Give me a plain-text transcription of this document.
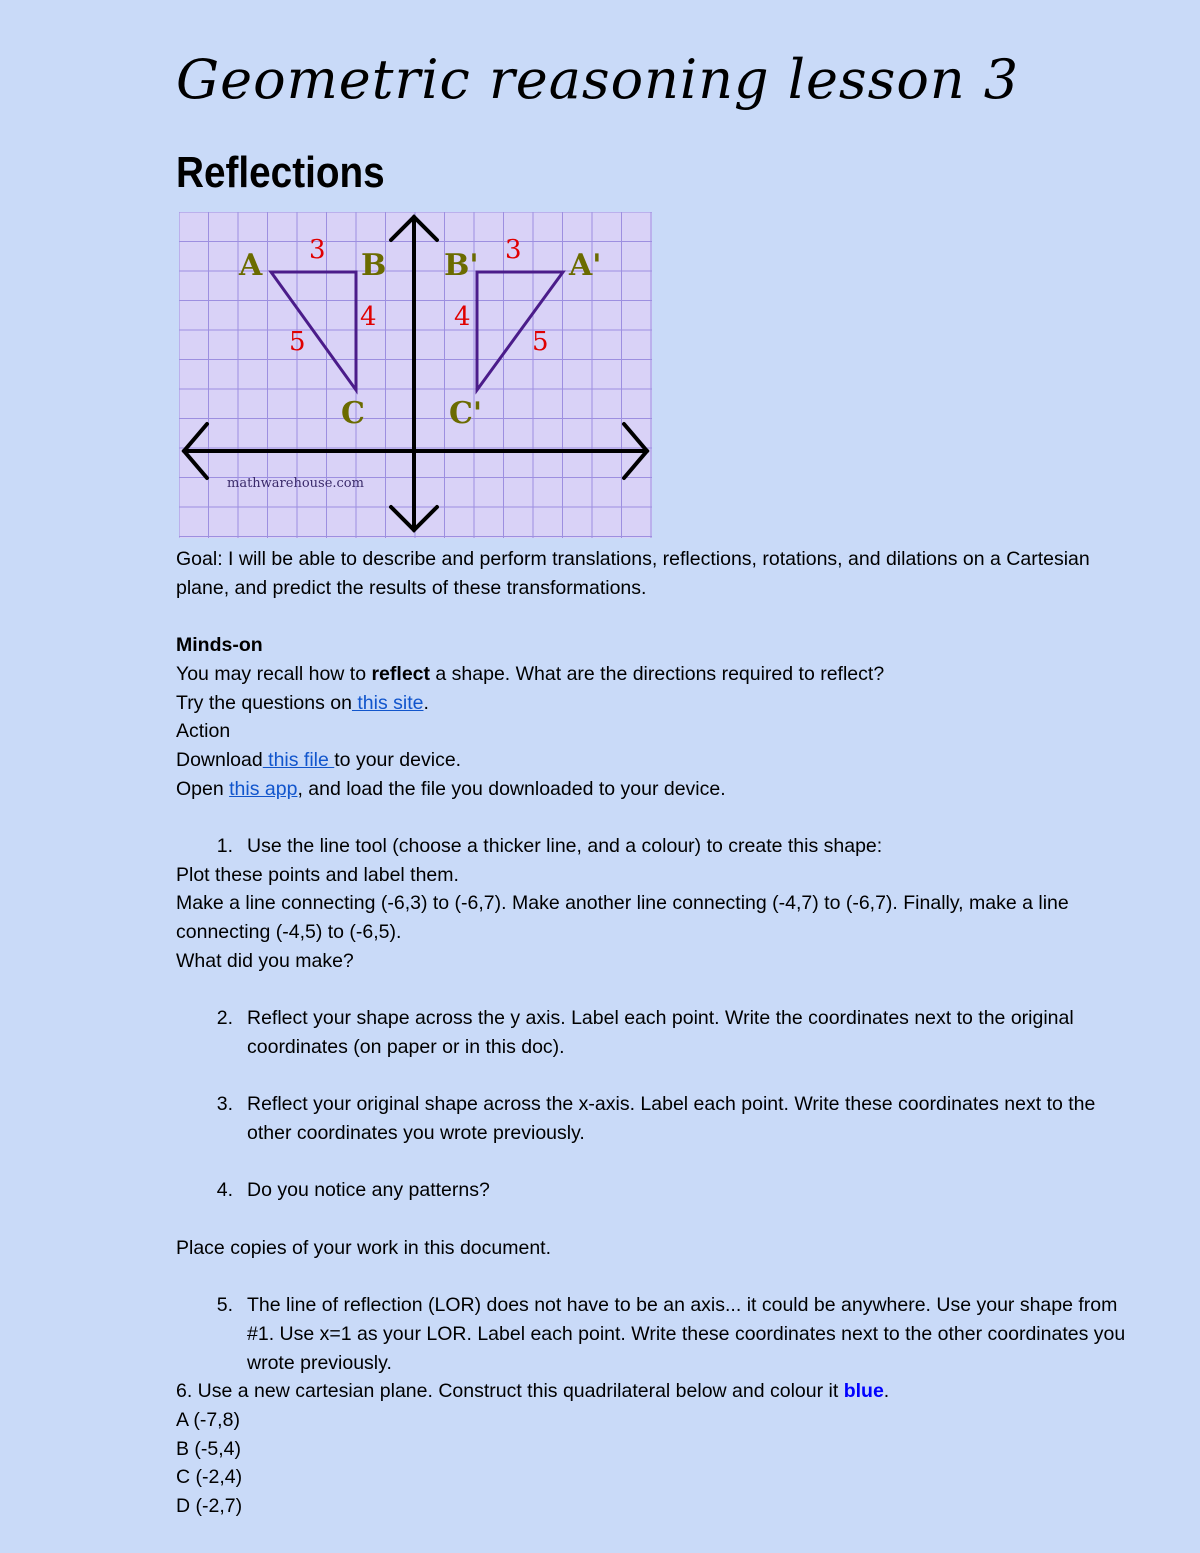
Geometric reasoning lesson 3
Reflections
A	B
C
A'
B'
C'
3
4
5
3
4
5
mathwarehouse.com
Goal: I will be able to describe and perform translations, reflections, rotations, and dilations on a Cartesian plane, and predict the results of these transformations.
Minds-on
You may recall how to reflect a shape. What are the directions required to reflect?
Try the questions on this site.
Action
Download this file to your device.
Open this app, and load the file you downloaded to your device.
1. Use the line tool (choose a thicker line, and a colour) to create this shape:
Plot these points and label them.
Make a line connecting (-6,3) to (-6,7). Make another line connecting (-4,7) to (-6,7). Finally, make a line connecting (-4,5) to (-6,5).
What did you make?
2. Reflect your shape across the y axis. Label each point. Write the coordinates next to the original coordinates (on paper or in this doc).
3. Reflect your original shape across the x-axis. Label each point. Write these coordinates next to the other coordinates you wrote previously.
4. Do you notice any patterns?
Place copies of your work in this document.
5. The line of reflection (LOR) does not have to be an axis... it could be anywhere. Use your shape from #1. Use x=1 as your LOR. Label each point. Write these coordinates next to the other coordinates you wrote previously.
6. Use a new cartesian plane. Construct this quadrilateral below and colour it blue.
A (-7,8)
B (-5,4)
C (-2,4)
D (-2,7)
